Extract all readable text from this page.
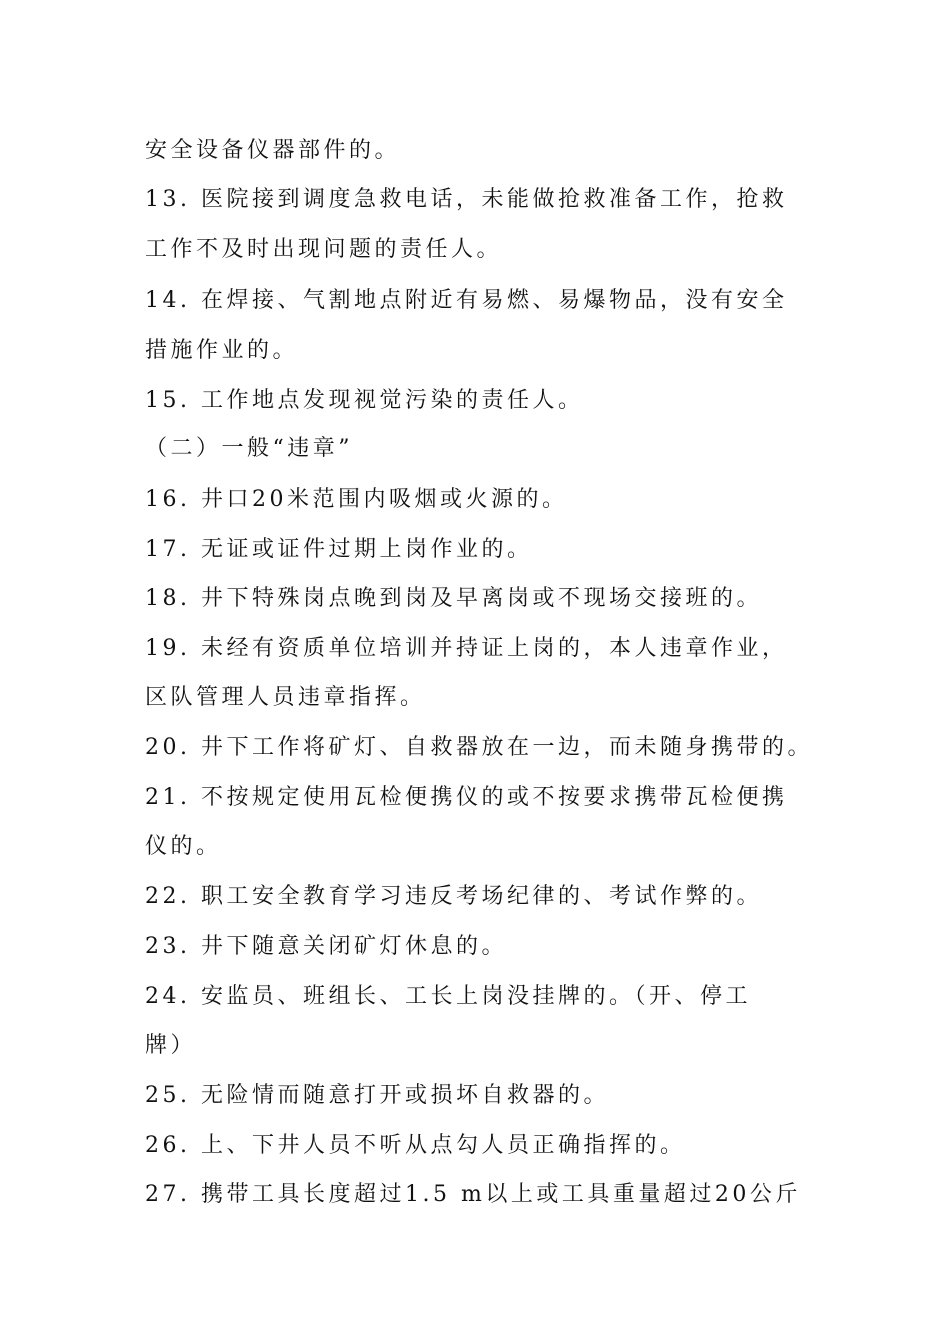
安全设备仪器部件的。

13. 医院接到调度急救电话，未能做抢救准备工作，抢救

工作不及时出现问题的责任人。

14. 在焊接、气割地点附近有易燃、易爆物品，没有安全

措施作业的。

15. 工作地点发现视觉污染的责任人。

（二）一般“违章”

16. 井口20米范围内吸烟或火源的。

17. 无证或证件过期上岗作业的。

18. 井下特殊岗点晚到岗及早离岗或不现场交接班的。

19. 未经有资质单位培训并持证上岗的，本人违章作业，

区队管理人员违章指挥。

20. 井下工作将矿灯、自救器放在一边，而未随身携带的。

21. 不按规定使用瓦检便携仪的或不按要求携带瓦检便携

仪的。

22. 职工安全教育学习违反考场纪律的、考试作弊的。

23. 井下随意关闭矿灯休息的。

24. 安监员、班组长、工长上岗没挂牌的。（开、停工

牌）

25. 无险情而随意打开或损坏自救器的。

26. 上、下井人员不听从点勾人员正确指挥的。

27. 携带工具长度超过1.5 m以上或工具重量超过20公斤
